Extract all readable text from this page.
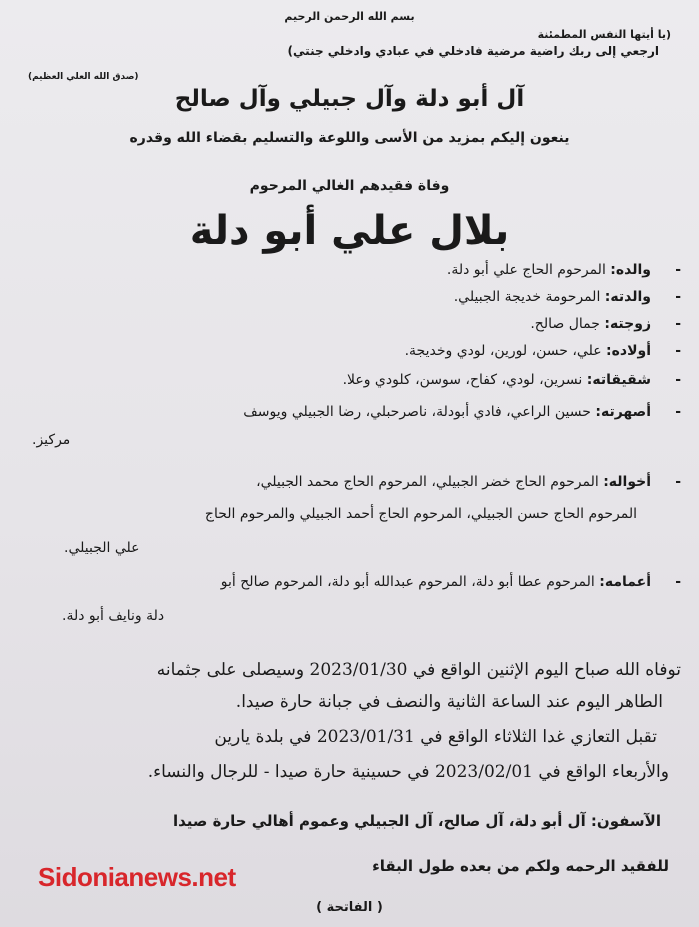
بسم الله الرحمن الرحيم
(يا أيتها النفس المطمئنة
ارجعي إلى ربك راضية مرضية فادخلي في عبادي وادخلي جنتي)
(صدق الله العلي العظيم)
آل أبو دلة وآل جبيلي وآل صالح
ينعون إليكم بمزيد من الأسى واللوعة والتسليم بقضاء الله وقدره
وفاة فقيدهم الغالي المرحوم
بلال علي أبو دلة
-
والده: المرحوم الحاج علي أبو دلة.
-
والدته: المرحومة خديجة الجبيلي.
-
زوجته: جمال صالح.
-
أولاده: علي، حسن، لورين، لودي وخديجة.
-
شقيقاته: نسرين، لودي، كفاح، سوسن، كلودي وعلا.
-
أصهرته: حسين الراعي، فادي أبودلة، ناصرحبلي، رضا الجبيلي ويوسف
مركيز.
-
أخواله: المرحوم الحاج خضر الجبيلي، المرحوم الحاج محمد الجبيلي،
المرحوم الحاج حسن الجبيلي، المرحوم الحاج أحمد الجبيلي والمرحوم الحاج
علي الجبيلي.
-
أعمامه: المرحوم عطا أبو دلة، المرحوم عبدالله أبو دلة، المرحوم صالح أبو
دلة ونايف أبو دلة.
توفاه الله صباح اليوم الإثنين الواقع في 2023/01/30 وسيصلى على جثمانه
الطاهر اليوم عند الساعة الثانية والنصف في جبانة حارة صيدا.
تقبل التعازي غدا الثلاثاء الواقع في 2023/01/31 في بلدة يارين
والأربعاء الواقع في 2023/02/01 في حسينية حارة صيدا - للرجال والنساء.
الآسفون: آل أبو دلة، آل صالح، آل الجبيلي وعموم أهالي حارة صيدا
للفقيد الرحمه ولكم من بعده طول البقاء
( الفاتحة )
Sidonianews.net
